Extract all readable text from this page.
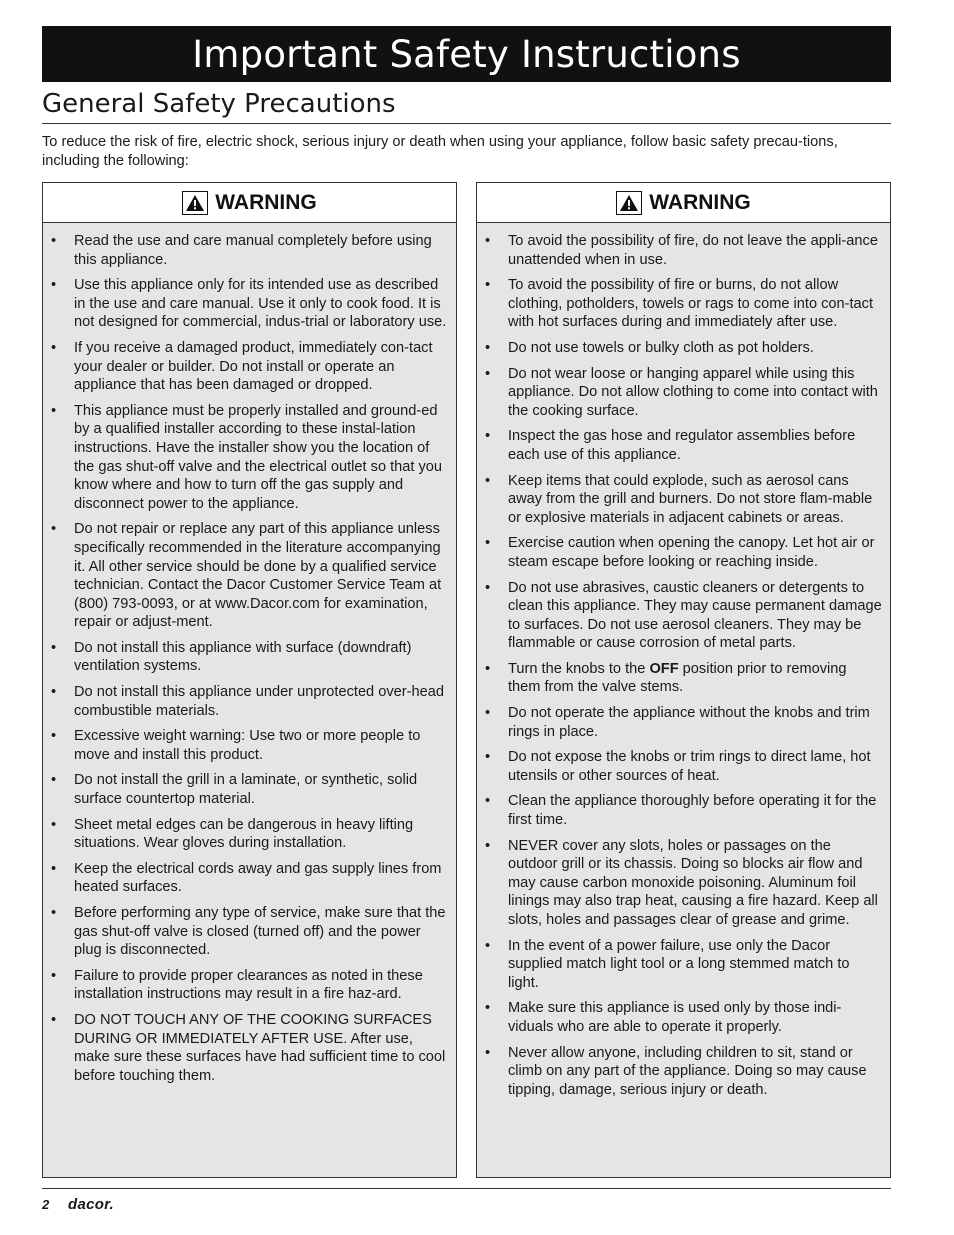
Important Safety Instructions
General Safety Precautions
To reduce the risk of fire, electric shock, serious injury or death when using your appliance, follow basic safety precau-tions, including the following:
WARNING
•	Read the use and care manual completely before using this appliance.
•	Use this appliance only for its intended use as described in the use and care manual. Use it only to cook food. It is not designed for commercial, indus-trial or laboratory use.
•	If you receive a damaged product, immediately con-tact your dealer or builder. Do not install or operate an appliance that has been damaged or dropped.
•	This appliance must be properly installed and ground-ed by a qualified installer according to these instal-lation instructions. Have the installer show you the location of the gas shut-off valve and the electrical outlet so that you know where and how to turn off the gas supply and disconnect power to the appliance.
•	Do not repair or replace any part of this appliance unless specifically recommended in the literature accompanying it. All other service should be done by a qualified service technician. Contact the Dacor Customer Service Team at (800) 793-0093, or at www.Dacor.com for examination, repair or adjust-ment.
•	Do not install this appliance with surface (downdraft) ventilation systems.
•	Do not install this appliance under unprotected over-head combustible materials.
•	Excessive weight warning: Use two or more people to move and install this product.
•	Do not install the grill in a laminate, or synthetic, solid surface countertop material.
•	Sheet metal edges can be dangerous in heavy lifting situations. Wear gloves during installation.
•	Keep the electrical cords away and gas supply lines from heated surfaces.
•	Before performing any type of service, make sure that the gas shut-off valve is closed (turned off) and the power plug is disconnected.
•	Failure to provide proper clearances as noted in these installation instructions may result in a fire haz-ard.
•	DO NOT TOUCH ANY OF THE COOKING SURFACES DURING OR IMMEDIATELY AFTER USE. After use, make sure these surfaces have had sufficient time to cool before touching them.
WARNING
•	To avoid the possibility of fire, do not leave the appli-ance unattended when in use.
•	To avoid the possibility of fire or burns, do not allow clothing, potholders, towels or rags to come into con-tact with hot surfaces during and immediately after use.
•	Do not use towels or bulky cloth as pot holders.
•	Do not wear loose or hanging apparel while using this appliance. Do not allow clothing to come into contact with the cooking surface.
•	Inspect the gas hose and regulator assemblies before each use of this appliance.
•	Keep items that could explode, such as aerosol cans away from the grill and burners. Do not store flam-mable or explosive materials in adjacent cabinets or areas.
•	Exercise caution when opening the canopy. Let hot air or steam escape before looking or reaching inside.
•	Do not use abrasives, caustic cleaners or detergents to clean this appliance. They may cause permanent damage to surfaces. Do not use aerosol cleaners. They may be flammable or cause corrosion of metal parts.
•	Turn the knobs to the OFF position prior to removing them from the valve stems.
•	Do not operate the appliance without the knobs and trim rings in place.
•	Do not expose the knobs or trim rings to direct lame, hot utensils or other sources of heat.
•	Clean the appliance thoroughly before operating it for the first time.
•	NEVER cover any slots, holes or passages on the outdoor grill or its chassis. Doing so blocks air flow and may cause carbon monoxide poisoning. Aluminum foil linings may also trap heat, causing a fire hazard. Keep all slots, holes and passages clear of grease and grime.
•	In the event of a power failure, use only the Dacor supplied match light tool or a long stemmed match to light.
•	Make sure this appliance is used only by those indi-viduals who are able to operate it properly.
•	Never allow anyone, including children to sit, stand or climb on any part of the appliance. Doing so may cause tipping, damage, serious injury or death.
2 dacor.
